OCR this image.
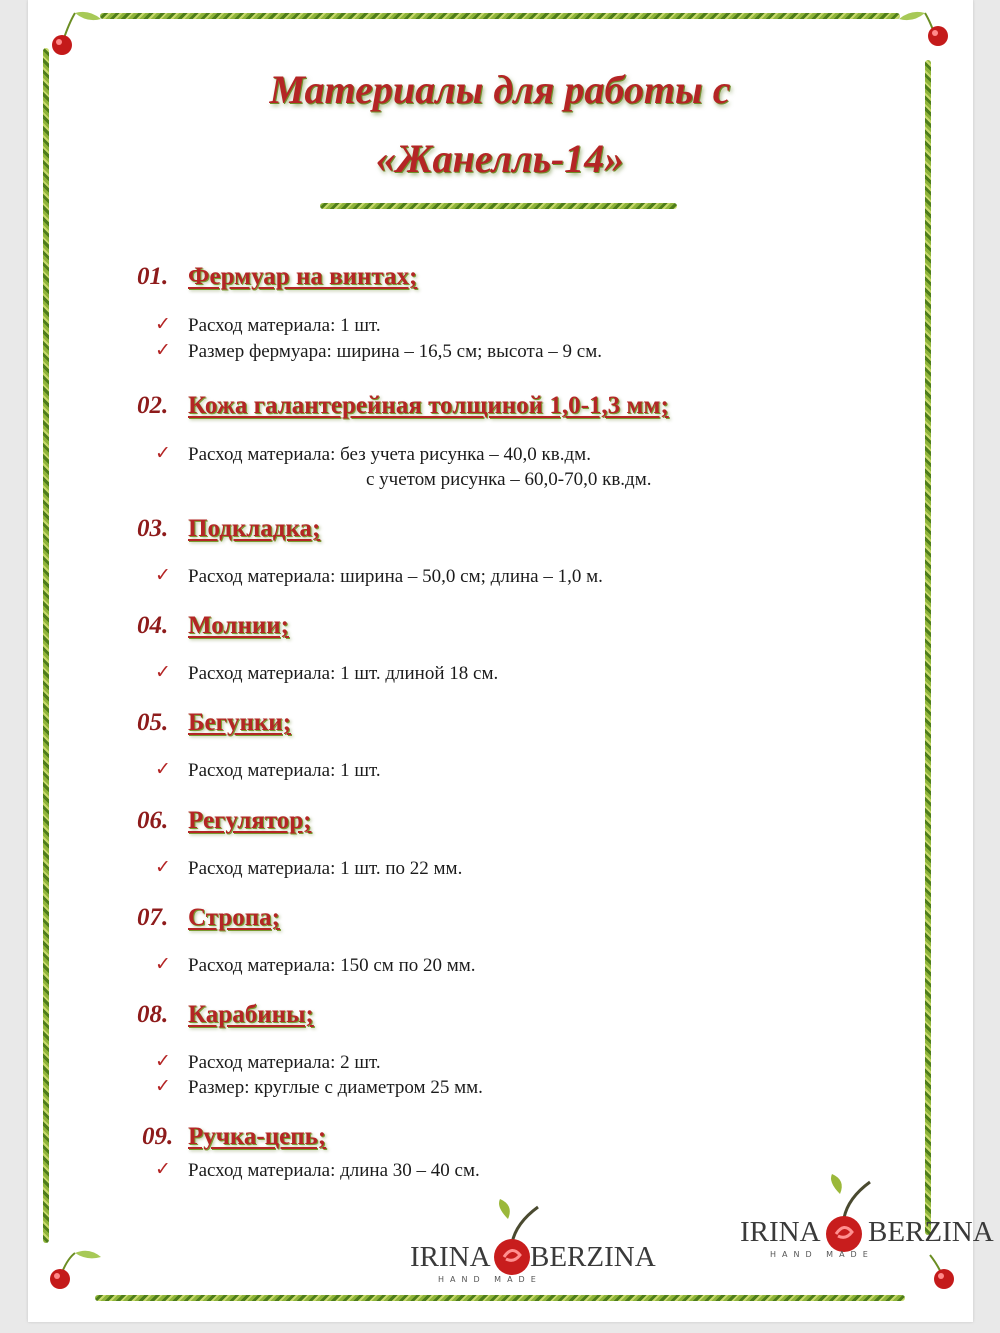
Материалы для работы с
«Жанелль-14»
01. Фермуар на винтах;
✓ Расход материала: 1 шт.
✓ Размер фермуара: ширина – 16,5 см; высота – 9 см.
02. Кожа галантерейная толщиной 1,0-1,3 мм;
✓ Расход материала: без учета рисунка – 40,0 кв.дм.
с учетом рисунка – 60,0-70,0 кв.дм.
03. Подкладка;
✓ Расход материала: ширина – 50,0 см; длина – 1,0 м.
04. Молнии;
✓ Расход материала: 1 шт. длиной 18 см.
05. Бегунки;
✓ Расход материала: 1 шт.
06. Регулятор;
✓ Расход материала: 1 шт. по 22 мм.
07. Стропа;
✓ Расход материала: 150 см по 20 мм.
08. Карабины;
✓ Расход материала: 2 шт.
✓ Размер: круглые с диаметром 25 мм.
09. Ручка-цепь;
✓ Расход материала: длина 30 – 40 см.
IRINA BERZINA
HAND MADE
IRINA BERZINA
HAND MADE
